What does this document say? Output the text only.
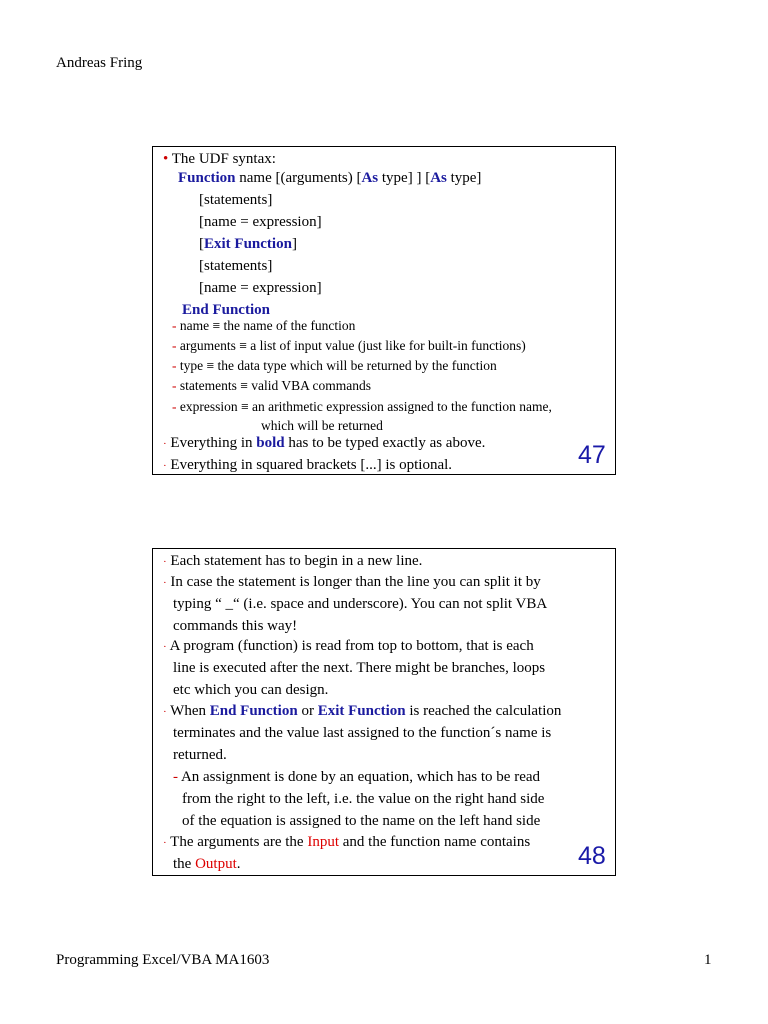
Andreas Fring
• The UDF syntax:
Function name [(arguments) [As type] ] [As type]
[statements]
[name = expression]
[Exit Function]
[statements]
[name = expression]
End Function
- name ≡ the name of the function
- arguments ≡ a list of input value (just like for built-in functions)
- type ≡ the data type which will be returned by the function
- statements ≡ valid VBA commands
- expression ≡ an arithmetic expression assigned to the function name,
which will be returned
· Everything in bold has to be typed exactly as above.
· Everything in squared brackets [...] is optional.	47
· Each statement has to begin in a new line.
· In case the statement is longer than the line you can split it by
typing “ _“ (i.e. space and underscore). You can not split VBA
commands this way!
· A program (function) is read from top to bottom, that is each
line is executed after the next. There might be branches, loops
etc which you can design.
· When End Function or Exit Function is reached the calculation
terminates and the value last assigned to the function´s name is
returned.
- An assignment is done by an equation, which has to be read
from the right to the left, i.e. the value on the right hand side
of the equation is assigned to the name on the left hand side
· The arguments are the Input and the function name contains
the Output.	48
Programming Excel/VBA MA1603	1
